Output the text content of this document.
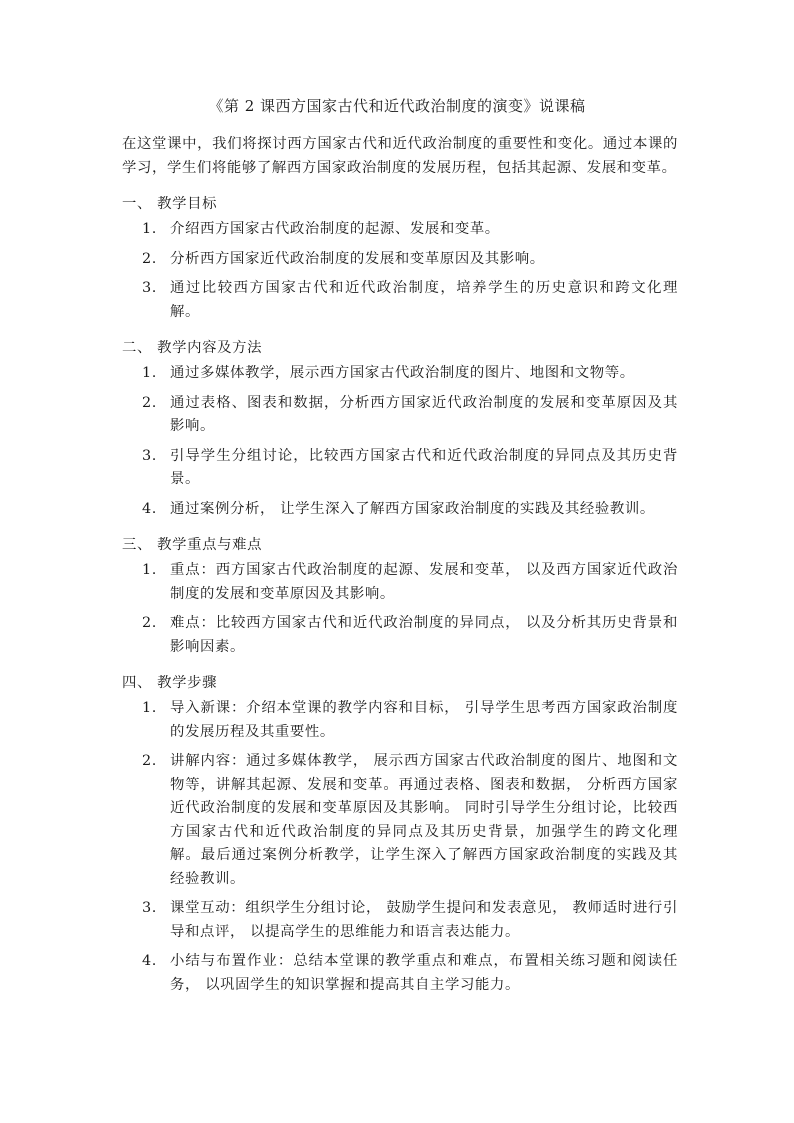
《第 2 课西方国家古代和近代政治制度的演变》说课稿

在这堂课中，我们将探讨西方国家古代和近代政治制度的重要性和变化。通过本课的学习，学生们将能够了解西方国家政治制度的发展历程，包括其起源、发展和变革。

一、 教学目标
1. 介绍西方国家古代政治制度的起源、发展和变革。
2. 分析西方国家近代政治制度的发展和变革原因及其影响。
3. 通过比较西方国家古代和近代政治制度，培养学生的历史意识和跨文化理解。
二、 教学内容及方法
1. 通过多媒体教学，展示西方国家古代政治制度的图片、地图和文物等。
2. 通过表格、图表和数据，分析西方国家近代政治制度的发展和变革原因及其影响。
3. 引导学生分组讨论，比较西方国家古代和近代政治制度的异同点及其历史背景。
4. 通过案例分析， 让学生深入了解西方国家政治制度的实践及其经验教训。
三、 教学重点与难点
1. 重点：西方国家古代政治制度的起源、发展和变革， 以及西方国家近代政治制度的发展和变革原因及其影响。
2. 难点：比较西方国家古代和近代政治制度的异同点， 以及分析其历史背景和影响因素。
四、 教学步骤
1. 导入新课：介绍本堂课的教学内容和目标， 引导学生思考西方国家政治制度的发展历程及其重要性。
2. 讲解内容：通过多媒体教学， 展示西方国家古代政治制度的图片、地图和文物等，讲解其起源、发展和变革。再通过表格、图表和数据， 分析西方国家近代政治制度的发展和变革原因及其影响。 同时引导学生分组讨论，比较西方国家古代和近代政治制度的异同点及其历史背景，加强学生的跨文化理解。最后通过案例分析教学，让学生深入了解西方国家政治制度的实践及其经验教训。
3. 课堂互动：组织学生分组讨论， 鼓励学生提问和发表意见， 教师适时进行引导和点评， 以提高学生的思维能力和语言表达能力。
4. 小结与布置作业：总结本堂课的教学重点和难点，布置相关练习题和阅读任务， 以巩固学生的知识掌握和提高其自主学习能力。
